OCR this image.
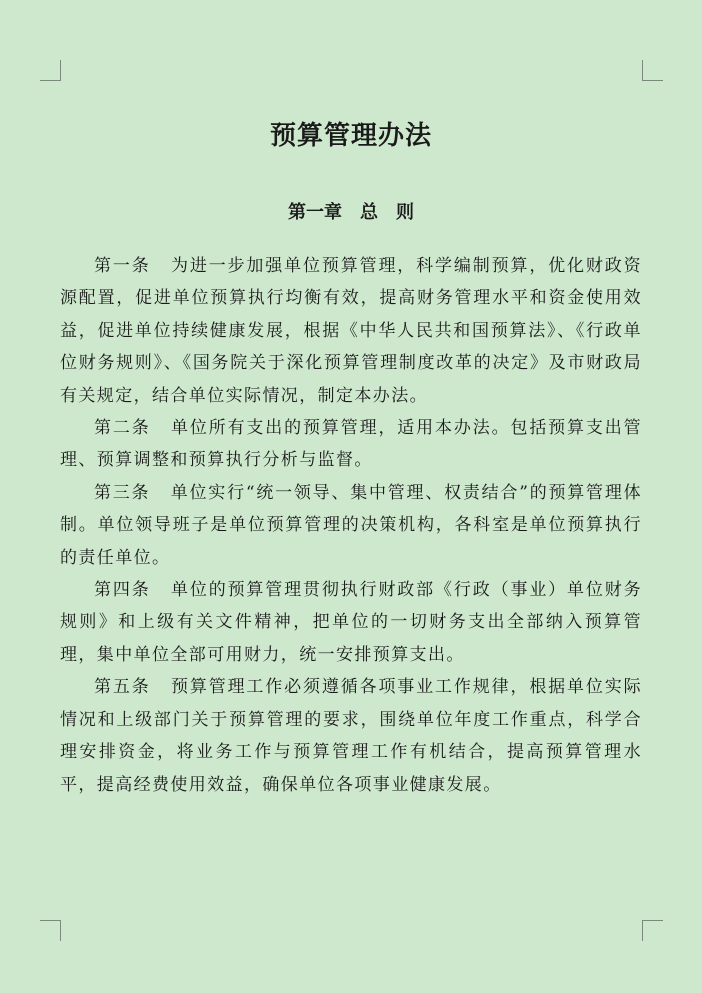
预算管理办法
第一章　总　则

第一条 为进一步加强单位预算管理，科学编制预算，优化财政资源配置，促进单位预算执行均衡有效，提高财务管理水平和资金使用效益，促进单位持续健康发展，根据《中华人民共和国预算法》、《行政单位财务规则》、《国务院关于深化预算管理制度改革的决定》及市财政局有关规定，结合单位实际情况，制定本办法。

第二条 单位所有支出的预算管理，适用本办法。包括预算支出管理、预算调整和预算执行分析与监督。

第三条 单位实行“统一领导、集中管理、权责结合”的预算管理体制。单位领导班子是单位预算管理的决策机构，各科室是单位预算执行的责任单位。

第四条 单位的预算管理贯彻执行财政部《行政（事业）单位财务规则》和上级有关文件精神，把单位的一切财务支出全部纳入预算管理，集中单位全部可用财力，统一安排预算支出。

第五条 预算管理工作必须遵循各项事业工作规律，根据单位实际情况和上级部门关于预算管理的要求，围绕单位年度工作重点，科学合理安排资金，将业务工作与预算管理工作有机结合，提高预算管理水平，提高经费使用效益，确保单位各项事业健康发展。
